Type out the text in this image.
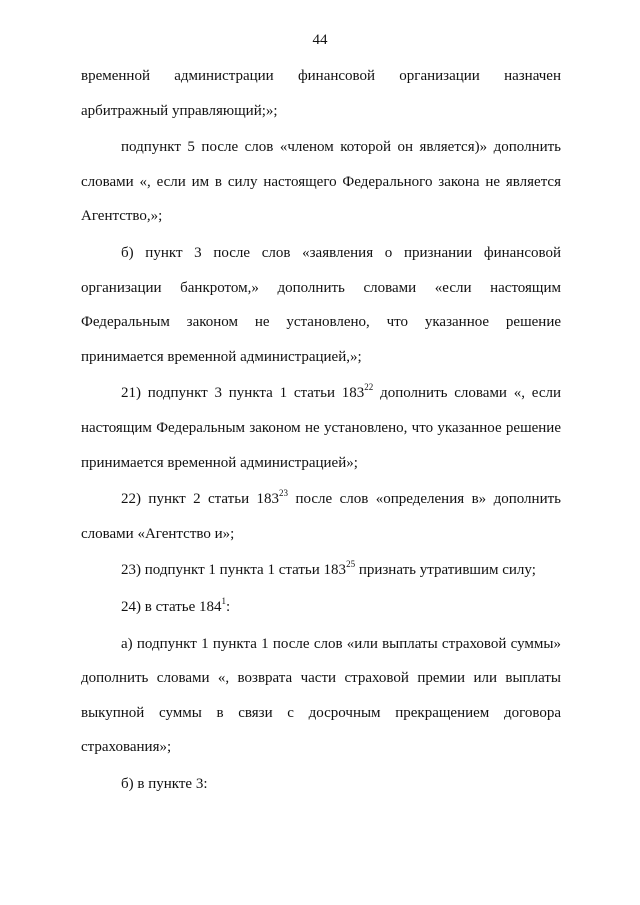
44

временной администрации финансовой организации назначен арбитражный управляющий;»;

подпункт 5 после слов «членом которой он является)» дополнить словами «, если им в силу настоящего Федерального закона не является Агентство,»;

б) пункт 3 после слов «заявления о признании финансовой организации банкротом,» дополнить словами «если настоящим Федеральным законом не установлено, что указанное решение принимается временной администрацией,»;

21) подпункт 3 пункта 1 статьи $183^{22}$ дополнить словами «, если настоящим Федеральным законом не установлено, что указанное решение принимается временной администрацией»;

22) пункт 2 статьи $183^{23}$ после слов «определения в» дополнить словами «Агентство и»;

23) подпункт 1 пункта 1 статьи $183^{25}$ признать утратившим силу;

24) в статье $184^1$:

а) подпункт 1 пункта 1 после слов «или выплаты страховой суммы» дополнить словами «, возврата части страховой премии или выплаты выкупной суммы в связи с досрочным прекращением договора страхования»;

б) в пункте 3:
